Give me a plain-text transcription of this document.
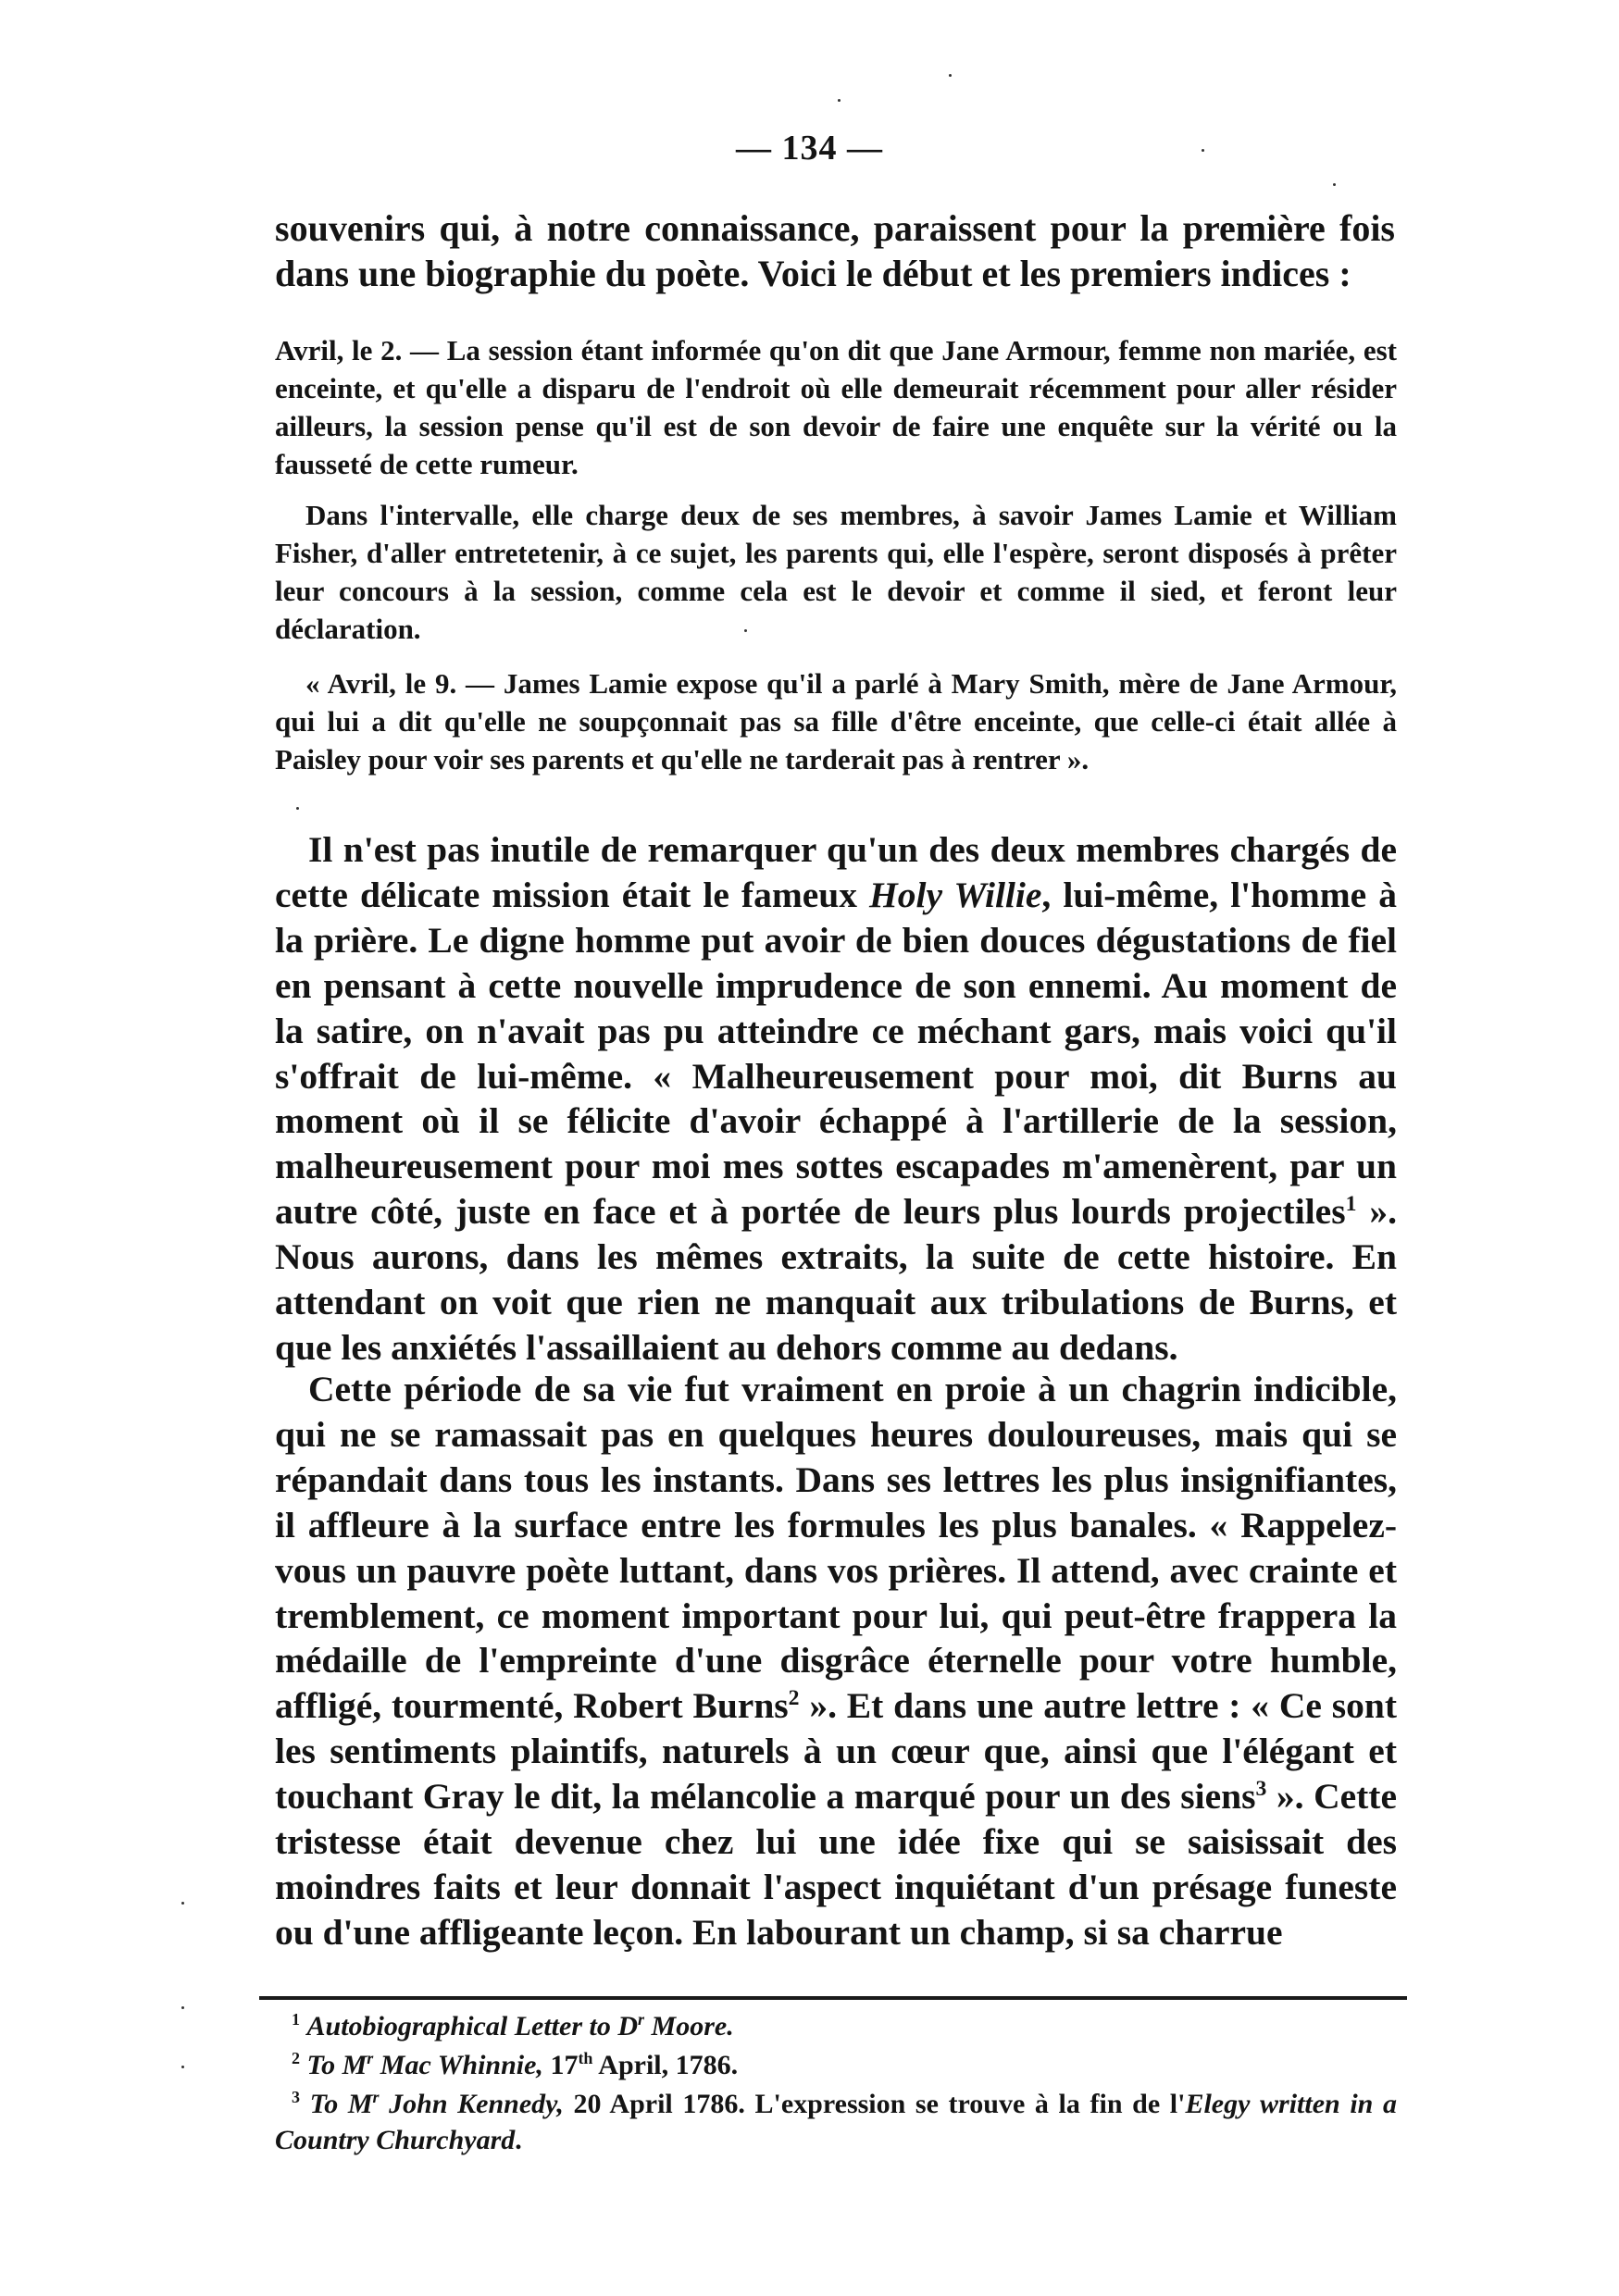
— 134 —

souvenirs qui, à notre connaissance, paraissent pour la première fois dans une biographie du poète. Voici le début et les premiers indices :

Avril, le 2. — La session étant informée qu'on dit que Jane Armour, femme non mariée, est enceinte, et qu'elle a disparu de l'endroit où elle demeurait récemment pour aller résider ailleurs, la session pense qu'il est de son devoir de faire une enquête sur la vérité ou la fausseté de cette rumeur.

Dans l'intervalle, elle charge deux de ses membres, à savoir James Lamie et William Fisher, d'aller entretetenir, à ce sujet, les parents qui, elle l'espère, seront disposés à prêter leur concours à la session, comme cela est le devoir et comme il sied, et feront leur déclaration.

« Avril, le 9. — James Lamie expose qu'il a parlé à Mary Smith, mère de Jane Armour, qui lui a dit qu'elle ne soupçonnait pas sa fille d'être enceinte, que celle-ci était allée à Paisley pour voir ses parents et qu'elle ne tarderait pas à rentrer ».

Il n'est pas inutile de remarquer qu'un des deux membres chargés de cette délicate mission était le fameux Holy Willie, lui-même, l'homme à la prière. Le digne homme put avoir de bien douces dégustations de fiel en pensant à cette nouvelle imprudence de son ennemi. Au moment de la satire, on n'avait pas pu atteindre ce méchant gars, mais voici qu'il s'offrait de lui-même. « Malheureusement pour moi, dit Burns au moment où il se félicite d'avoir échappé à l'artillerie de la session, malheureusement pour moi mes sottes escapades m'amenèrent, par un autre côté, juste en face et à portée de leurs plus lourds projectiles$^1$ ». Nous aurons, dans les mêmes extraits, la suite de cette histoire. En attendant on voit que rien ne manquait aux tribulations de Burns, et que les anxiétés l'assaillaient au dehors comme au dedans.

Cette période de sa vie fut vraiment en proie à un chagrin indicible, qui ne se ramassait pas en quelques heures douloureuses, mais qui se répandait dans tous les instants. Dans ses lettres les plus insignifiantes, il affleure à la surface entre les formules les plus banales. « Rappelez-vous un pauvre poète luttant, dans vos prières. Il attend, avec crainte et tremblement, ce moment important pour lui, qui peut-être frappera la médaille de l'empreinte d'une disgrâce éternelle pour votre humble, affligé, tourmenté, Robert Burns$^2$ ». Et dans une autre lettre : « Ce sont les sentiments plaintifs, naturels à un cœur que, ainsi que l'élégant et touchant Gray le dit, la mélancolie a marqué pour un des siens$^3$ ». Cette tristesse était devenue chez lui une idée fixe qui se saisissait des moindres faits et leur donnait l'aspect inquiétant d'un présage funeste ou d'une affligeante leçon. En labourant un champ, si sa charrue

$^1$ Autobiographical Letter to $D^r$ Moore.

$^2$ To $M^r$ Mac Whinnie, 17th April, 1786.

$^3$ To $M^r$ John Kennedy, 20 April 1786. L'expression se trouve à la fin de l'Elegy written in a Country Churchyard.
